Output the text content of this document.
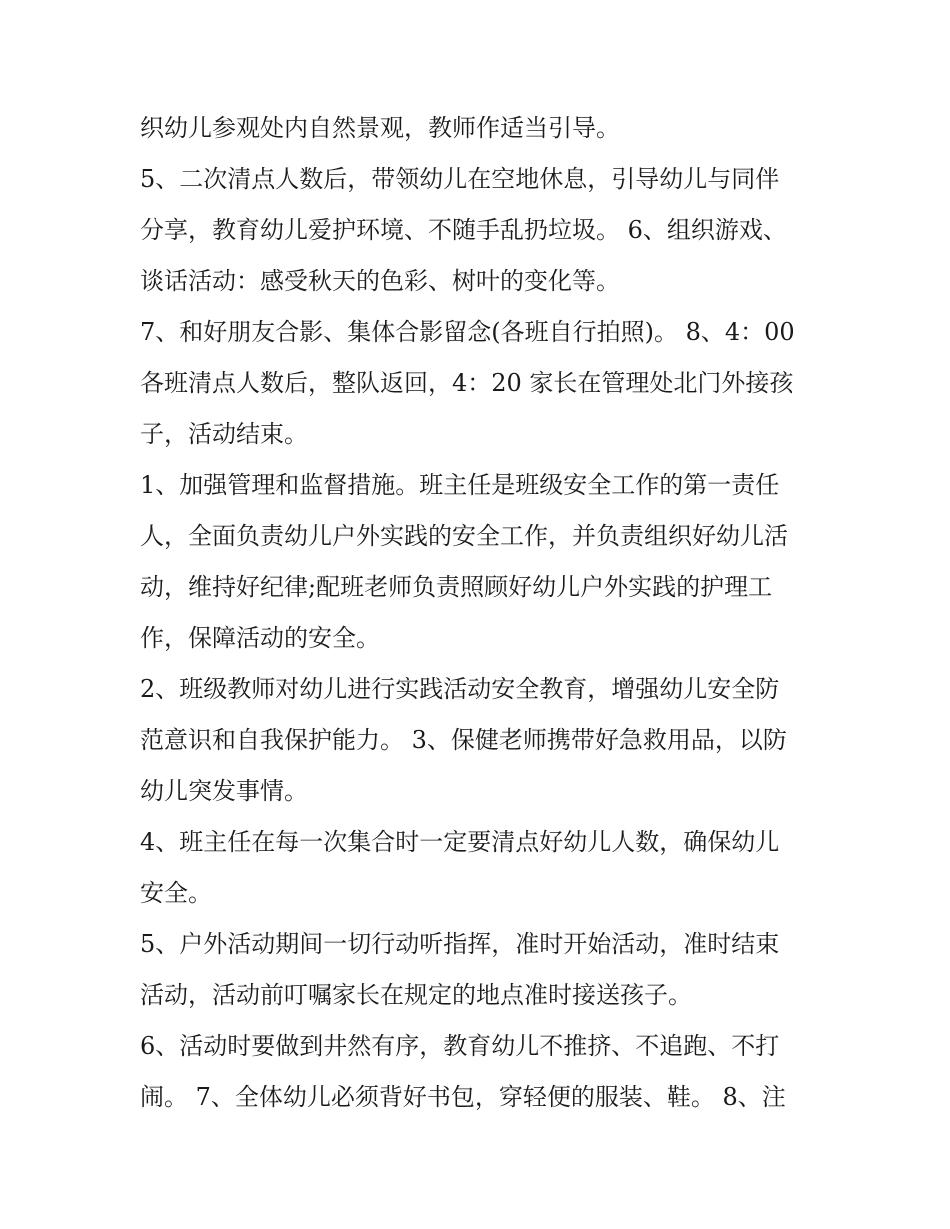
织幼儿参观处内自然景观，教师作适当引导。
5、二次清点人数后，带领幼儿在空地休息，引导幼儿与同伴
分享，教育幼儿爱护环境、不随手乱扔垃圾。 6、组织游戏、
谈话活动：感受秋天的色彩、树叶的变化等。
7、和好朋友合影、集体合影留念(各班自行拍照)。 8、4：00
各班清点人数后，整队返回，4：20 家长在管理处北门外接孩
子，活动结束。
1、加强管理和监督措施。班主任是班级安全工作的第一责任
人，全面负责幼儿户外实践的安全工作，并负责组织好幼儿活
动，维持好纪律;配班老师负责照顾好幼儿户外实践的护理工
作，保障活动的安全。
2、班级教师对幼儿进行实践活动安全教育，增强幼儿安全防
范意识和自我保护能力。 3、保健老师携带好急救用品，以防
幼儿突发事情。
4、班主任在每一次集合时一定要清点好幼儿人数，确保幼儿
安全。
5、户外活动期间一切行动听指挥，准时开始活动，准时结束
活动，活动前叮嘱家长在规定的地点准时接送孩子。
6、活动时要做到井然有序，教育幼儿不推挤、不追跑、不打
闹。 7、全体幼儿必须背好书包，穿轻便的服装、鞋。 8、注
